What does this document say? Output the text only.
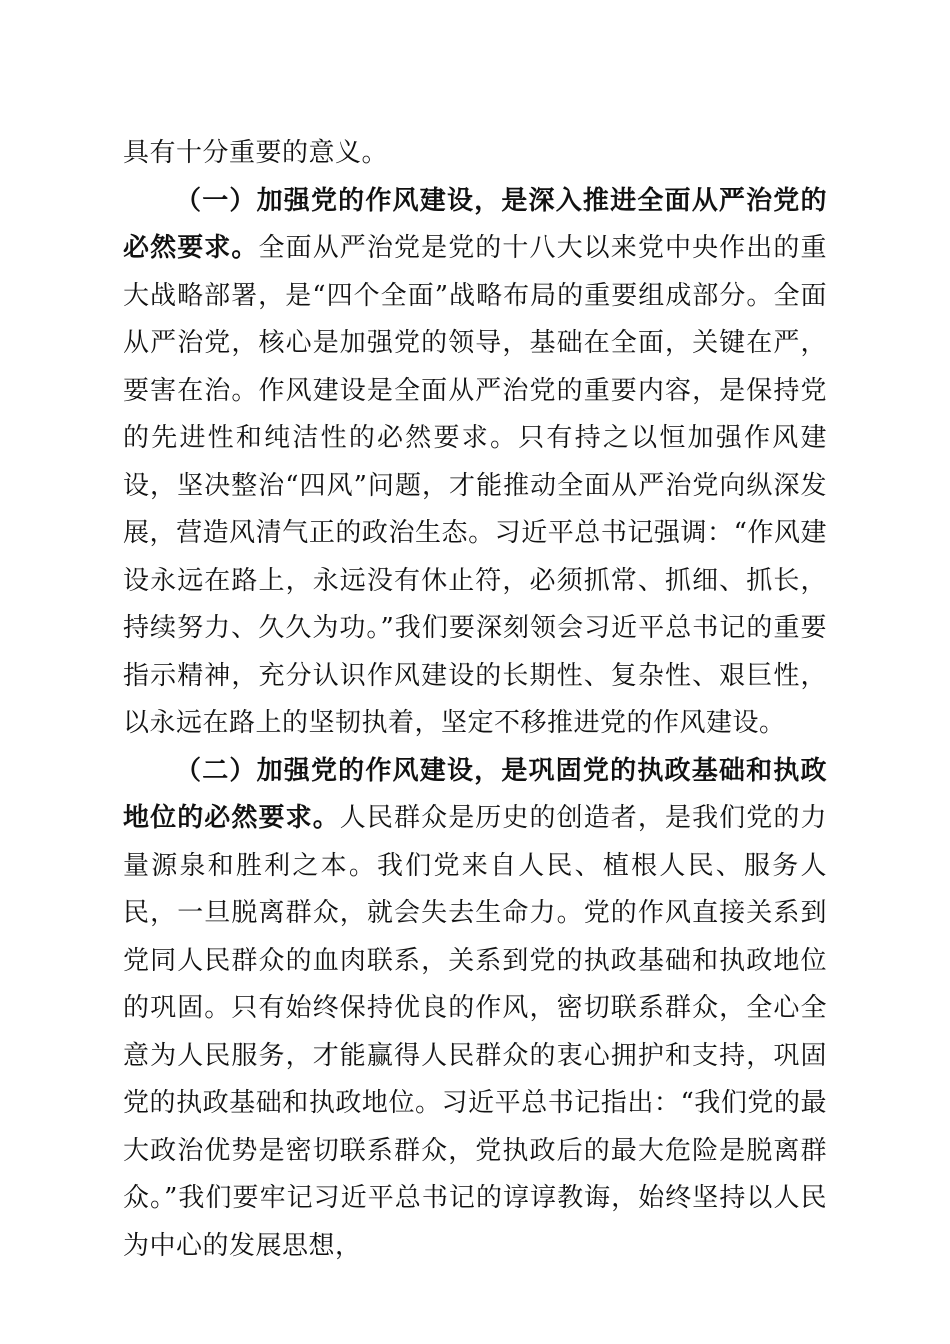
具有十分重要的意义。

（一）加强党的作风建设，是深入推进全面从严治党的必然要求。全面从严治党是党的十八大以来党中央作出的重大战略部署，是“四个全面”战略布局的重要组成部分。全面从严治党，核心是加强党的领导，基础在全面，关键在严，要害在治。作风建设是全面从严治党的重要内容，是保持党的先进性和纯洁性的必然要求。只有持之以恒加强作风建设，坚决整治“四风”问题，才能推动全面从严治党向纵深发展，营造风清气正的政治生态。习近平总书记强调：“作风建设永远在路上，永远没有休止符，必须抓常、抓细、抓长，持续努力、久久为功。”我们要深刻领会习近平总书记的重要指示精神，充分认识作风建设的长期性、复杂性、艰巨性，以永远在路上的坚韧执着，坚定不移推进党的作风建设。

（二）加强党的作风建设，是巩固党的执政基础和执政地位的必然要求。人民群众是历史的创造者，是我们党的力量源泉和胜利之本。我们党来自人民、植根人民、服务人民，一旦脱离群众，就会失去生命力。党的作风直接关系到党同人民群众的血肉联系，关系到党的执政基础和执政地位的巩固。只有始终保持优良的作风，密切联系群众，全心全意为人民服务，才能赢得人民群众的衷心拥护和支持，巩固党的执政基础和执政地位。习近平总书记指出：“我们党的最大政治优势是密切联系群众，党执政后的最大危险是脱离群众。”我们要牢记习近平总书记的谆谆教诲，始终坚持以人民为中心的发展思想，
